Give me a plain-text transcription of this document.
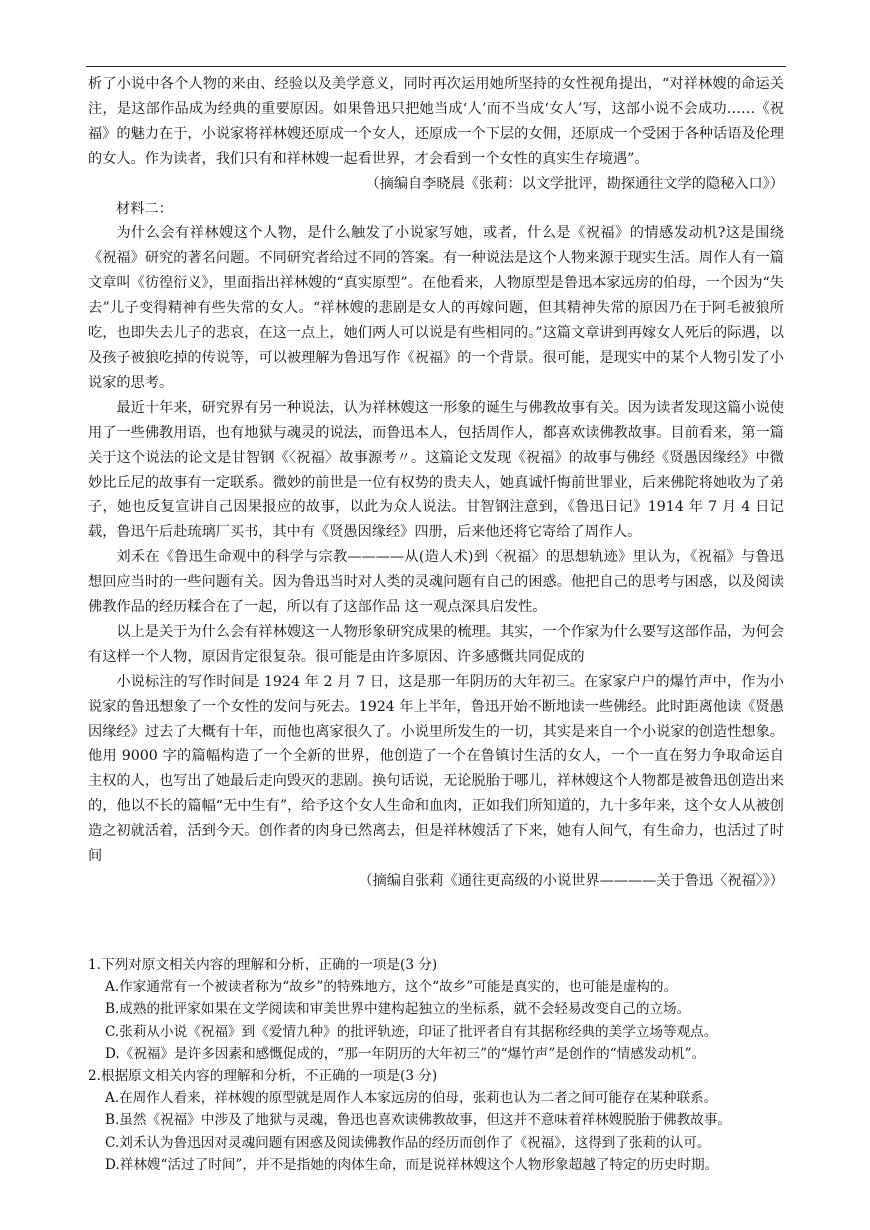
析了小说中各个人物的来由、经验以及美学意义，同时再次运用她所坚持的女性视角提出，“对祥林嫂的命运关注，是这部作品成为经典的重要原因。如果鲁迅只把她当成‘人’而不当成‘女人’写，这部小说不会成功……《祝福》的魅力在于，小说家将祥林嫂还原成一个女人，还原成一个下层的女佣，还原成一个受困于各种话语及伦理的女人。作为读者，我们只有和祥林嫂一起看世界，才会看到一个女性的真实生存境遇”。

（摘编自李晓晨《张莉：以文学批评，勘探通往文学的隐秘入口》）

材料二：

为什么会有祥林嫂这个人物，是什么触发了小说家写她，或者，什么是《祝福》的情感发动机?这是围绕《祝福》研究的著名问题。不同研究者给过不同的答案。有一种说法是这个人物来源于现实生活。周作人有一篇文章叫《彷徨衍义》，里面指出祥林嫂的“真实原型”。在他看来，人物原型是鲁迅本家远房的伯母，一个因为“失去”儿子变得精神有些失常的女人。“祥林嫂的悲剧是女人的再嫁问题，但其精神失常的原因乃在于阿毛被狼所吃，也即失去儿子的悲哀，在这一点上，她们两人可以说是有些相同的。”这篇文章讲到再嫁女人死后的际遇，以及孩子被狼吃掉的传说等，可以被理解为鲁迅写作《祝福》的一个背景。很可能，是现实中的某个人物引发了小说家的思考。

最近十年来，研究界有另一种说法，认为祥林嫂这一形象的诞生与佛教故事有关。因为读者发现这篇小说使用了一些佛教用语，也有地狱与魂灵的说法，而鲁迅本人，包括周作人，都喜欢读佛教故事。目前看来，第一篇关于这个说法的论文是甘智钢《〈祝福〉故事源考〃。这篇论文发现《祝福》的故事与佛经《贤愚因缘经》中微妙比丘尼的故事有一定联系。微妙的前世是一位有权势的贵夫人，她真诚忏悔前世罪业，后来佛陀将她收为了弟子，她也反复宣讲自己因果报应的故事，以此为众人说法。甘智钢注意到，《鲁迅日记》1914 年 7 月 4 日记载，鲁迅午后赴琉璃厂买书，其中有《贤愚因缘经》四册，后来他还将它寄给了周作人。

刘禾在《鲁迅生命观中的科学与宗教————从(造人术)到〈祝福〉的思想轨迹》里认为，《祝福》与鲁迅想回应当时的一些问题有关。因为鲁迅当时对人类的灵魂问题有自己的困惑。他把自己的思考与困惑，以及阅读佛教作品的经历糅合在了一起，所以有了这部作品 这一观点深具启发性。

以上是关于为什么会有祥林嫂这一人物形象研究成果的梳理。其实，一个作家为什么要写这部作品，为何会有这样一个人物，原因肯定很复杂。很可能是由许多原因、许多感慨共同促成的

小说标注的写作时间是 1924 年 2 月 7 日，这是那一年阴历的大年初三。在家家户户的爆竹声中，作为小说家的鲁迅想象了一个女性的发问与死去。1924 年上半年，鲁迅开始不断地读一些佛经。此时距离他读《贤愚因缘经》过去了大概有十年，而他也离家很久了。小说里所发生的一切，其实是来自一个小说家的创造性想象。他用 9000 字的篇幅构造了一个全新的世界，他创造了一个在鲁镇讨生活的女人，一个一直在努力争取命运自主权的人，也写出了她最后走向毁灭的悲剧。换句话说，无论脱胎于哪儿，祥林嫂这个人物都是被鲁迅创造出来的，他以不长的篇幅“无中生有”，给予这个女人生命和血肉，正如我们所知道的，九十多年来，这个女人从被创造之初就活着，活到今天。创作者的肉身已然离去，但是祥林嫂活了下来，她有人间气，有生命力，也活过了时间

（摘编自张莉《通往更高级的小说世界————关于鲁迅〈祝福〉》）

1.下列对原文相关内容的理解和分析，正确的一项是(3 分)

A.作家通常有一个被读者称为“故乡”的特殊地方，这个“故乡”可能是真实的，也可能是虚构的。

B.成熟的批评家如果在文学阅读和审美世界中建构起独立的坐标系，就不会轻易改变自己的立场。

C.张莉从小说《祝福》到《爱情九种》的批评轨迹，印证了批评者自有其据称经典的美学立场等观点。

D.《祝福》是许多因素和感慨促成的，“那一年阴历的大年初三”的“爆竹声”是创作的“情感发动机”。

2.根据原文相关内容的理解和分析，不正确的一项是(3 分)

A.在周作人看来，祥林嫂的原型就是周作人本家远房的伯母，张莉也认为二者之间可能存在某种联系。

B.虽然《祝福》中涉及了地狱与灵魂，鲁迅也喜欢读佛教故事，但这并不意味着祥林嫂脱胎于佛教故事。

C.刘禾认为鲁迅因对灵魂问题有困惑及阅读佛教作品的经历而创作了《祝福》，这得到了张莉的认可。

D.祥林嫂“活过了时间”，并不是指她的肉体生命，而是说祥林嫂这个人物形象超越了特定的历史时期。
